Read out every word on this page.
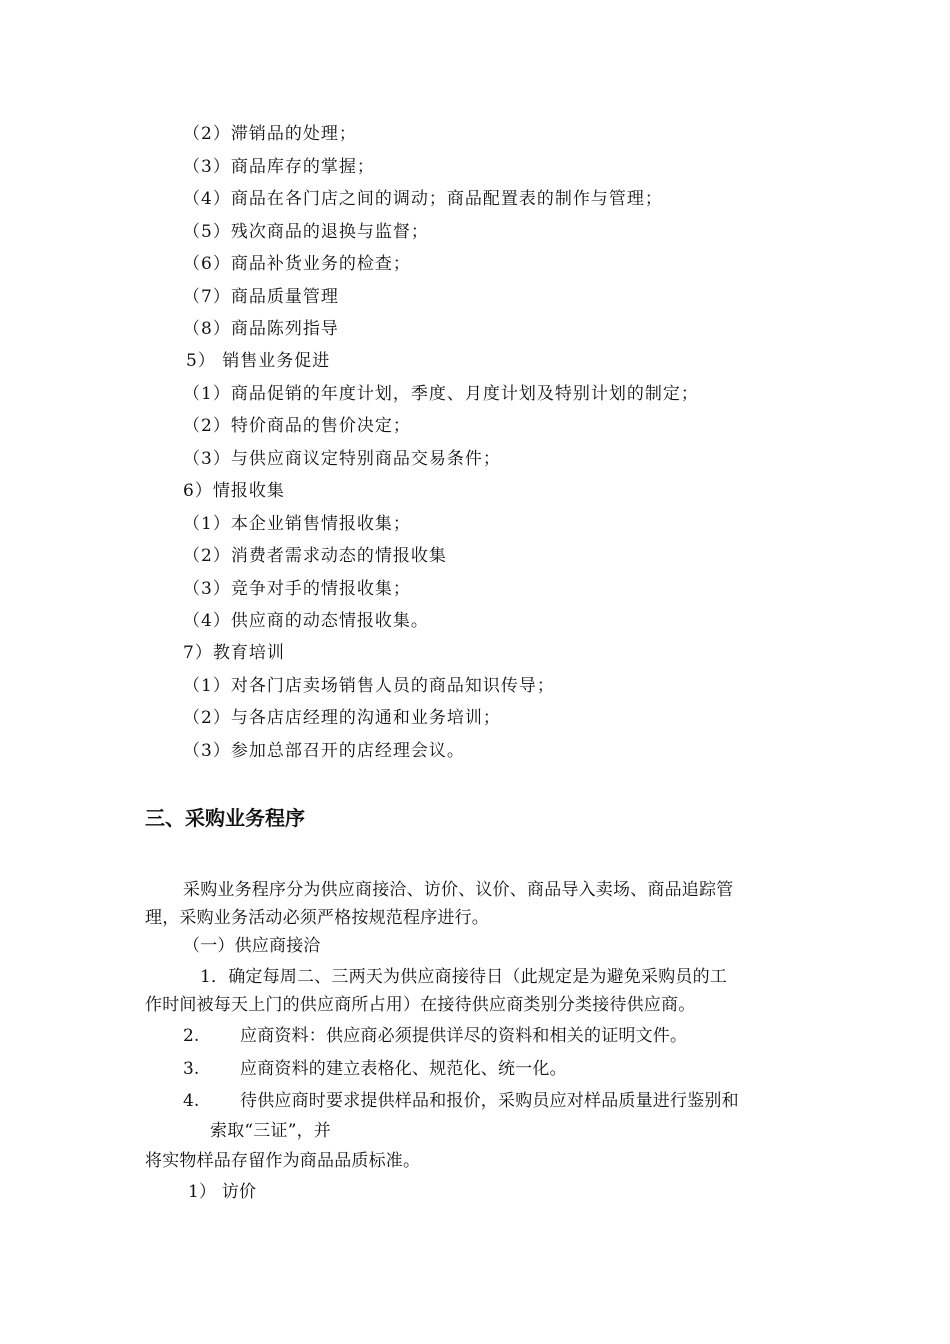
（2）滞销品的处理；
（3）商品库存的掌握；
（4）商品在各门店之间的调动；商品配置表的制作与管理；
（5）残次商品的退换与监督；
（6）商品补货业务的检查；
（7）商品质量管理
（8）商品陈列指导
5） 销售业务促进
（1）商品促销的年度计划，季度、月度计划及特别计划的制定；
（2）特价商品的售价决定；
（3）与供应商议定特别商品交易条件；
6）情报收集
（1）本企业销售情报收集；
（2）消费者需求动态的情报收集
（3）竞争对手的情报收集；
（4）供应商的动态情报收集。
7）教育培训
（1）对各门店卖场销售人员的商品知识传导；
（2）与各店店经理的沟通和业务培训；
（3）参加总部召开的店经理会议。
三、采购业务程序
采购业务程序分为供应商接洽、访价、议价、商品导入卖场、商品追踪管
理，采购业务活动必须严格按规范程序进行。
（一）供应商接洽
1．确定每周二、三两天为供应商接待日（此规定是为避免采购员的工
作时间被每天上门的供应商所占用）在接待供应商类别分类接待供应商。
2. 应商资料：供应商必须提供详尽的资料和相关的证明文件。
3. 应商资料的建立表格化、规范化、统一化。
4. 待供应商时要求提供样品和报价，采购员应对样品质量进行鉴别和
索取“三证”，并
将实物样品存留作为商品品质标准。
1） 访价
